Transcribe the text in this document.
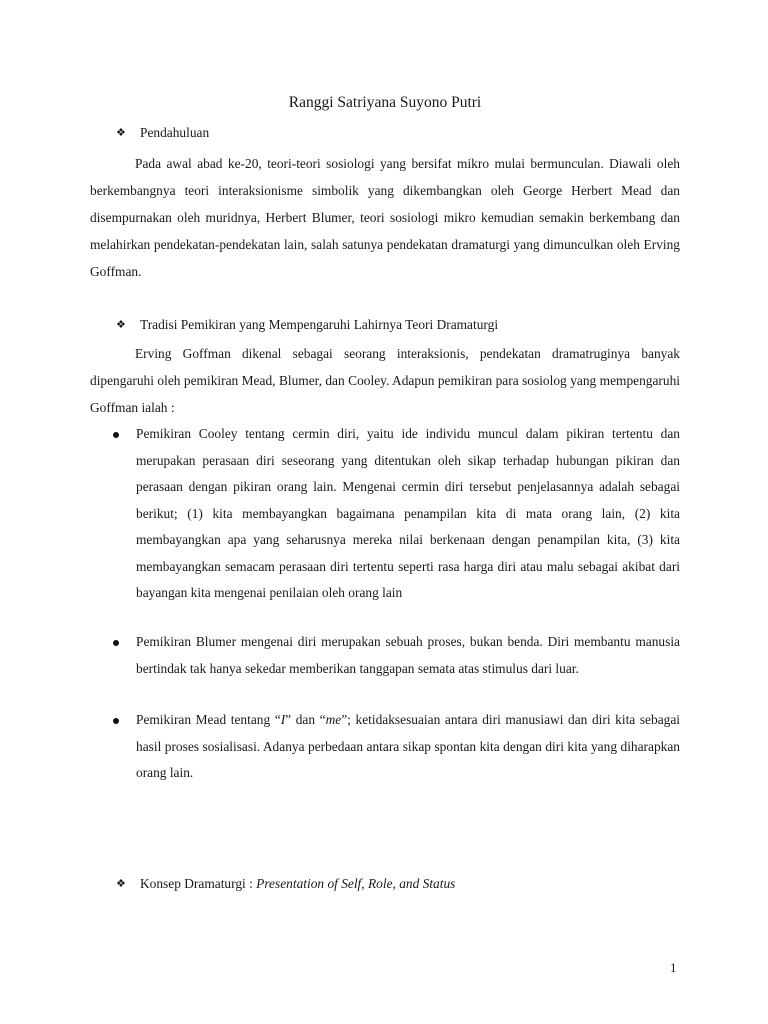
Ranggi Satriyana Suyono Putri
❖	Pendahuluan

Pada awal abad ke-20, teori-teori sosiologi yang bersifat mikro mulai bermunculan. Diawali oleh berkembangnya teori interaksionisme simbolik yang dikembangkan oleh George Herbert Mead dan disempurnakan oleh muridnya, Herbert Blumer, teori sosiologi mikro kemudian semakin berkembang dan melahirkan pendekatan-pendekatan lain, salah satunya pendekatan dramaturgi yang dimunculkan oleh Erving Goffman.

❖	Tradisi Pemikiran yang Mempengaruhi Lahirnya Teori Dramaturgi

Erving Goffman dikenal sebagai seorang interaksionis, pendekatan dramatruginya banyak dipengaruhi oleh pemikiran Mead, Blumer, dan Cooley. Adapun pemikiran para sosiolog yang mempengaruhi Goffman ialah :

Pemikiran Cooley tentang cermin diri, yaitu ide individu muncul dalam pikiran tertentu dan merupakan perasaan diri seseorang yang ditentukan oleh sikap terhadap hubungan pikiran dan perasaan dengan pikiran orang lain. Mengenai cermin diri tersebut penjelasannya adalah sebagai berikut; (1) kita membayangkan bagaimana penampilan kita di mata orang lain, (2) kita membayangkan apa yang seharusnya mereka nilai berkenaan dengan penampilan kita, (3) kita membayangkan semacam perasaan diri tertentu seperti rasa harga diri atau malu sebagai akibat dari bayangan kita mengenai penilaian oleh orang lain

Pemikiran Blumer mengenai diri merupakan sebuah proses, bukan benda. Diri membantu manusia bertindak tak hanya sekedar memberikan tanggapan semata atas stimulus dari luar.

Pemikiran Mead tentang “I” dan “me”; ketidaksesuaian antara diri manusiawi dan diri kita sebagai hasil proses sosialisasi. Adanya perbedaan antara sikap spontan kita dengan diri kita yang diharapkan orang lain.

❖	Konsep Dramaturgi : Presentation of Self, Role, and Status
1
